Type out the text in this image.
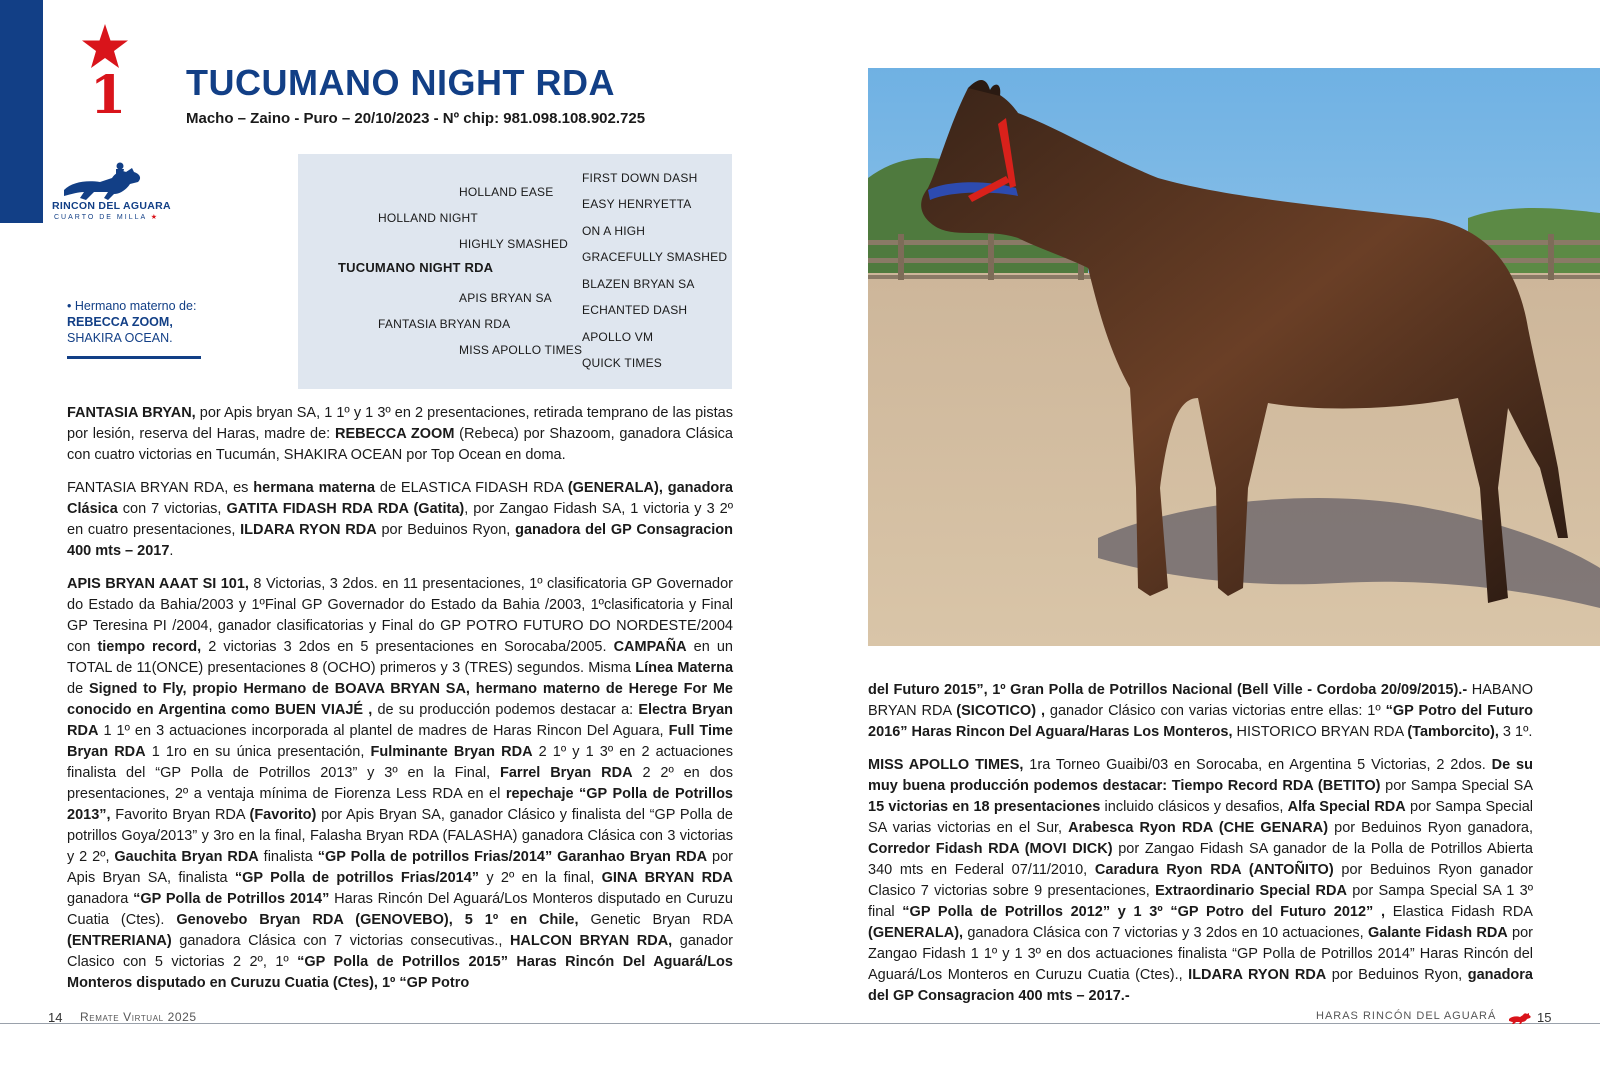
1 TUCUMANO NIGHT RDA

Macho – Zaino - Puro – 20/10/2023 - Nº chip: 981.098.108.902.725

RINCON DEL AGUARA
CUARTO DE MILLA ★
• Hermano materno de:
REBECCA ZOOM,
SHAKIRA OCEAN.
TUCUMANO NIGHT RDA
HOLLAND NIGHT
FANTASIA BRYAN RDA
HOLLAND EASE
HIGHLY SMASHED
APIS BRYAN SA
MISS APOLLO TIMES
FIRST DOWN DASH
EASY HENRYETTA
ON A HIGH
GRACEFULLY SMASHED
BLAZEN BRYAN SA
ECHANTED DASH
APOLLO VM
QUICK TIMES

FANTASIA BRYAN, por Apis bryan SA, 1 1º y 1 3º en 2 presentaciones, retirada temprano de las pistas por lesión, reserva del Haras, madre de: REBECCA ZOOM (Rebeca) por Shazoom, ganadora Clásica con cuatro victorias en Tucumán, SHAKIRA OCEAN por Top Ocean en doma.

FANTASIA BRYAN RDA, es hermana materna de ELASTICA FIDASH RDA (GENERALA), ganadora Clásica con 7 victorias, GATITA FIDASH RDA RDA (Gatita), por Zangao Fidash SA, 1 victoria y 3 2º en cuatro presentaciones, ILDARA RYON RDA por Beduinos Ryon, ganadora del GP Consagracion 400 mts – 2017.

APIS BRYAN AAAT SI 101, 8 Victorias, 3 2dos. en 11 presentaciones, 1º clasificatoria GP Governador do Estado da Bahia/2003 y 1ºFinal GP Governador do Estado da Bahia /2003, 1ºclasificatoria y Final GP Teresina PI /2004, ganador clasificatorias y Final do GP POTRO FUTURO DO NORDESTE/2004 con tiempo record, 2 victorias 3 2dos en 5 presentaciones en Sorocaba/2005. CAMPAÑA en un TOTAL de 11(ONCE) presentaciones 8 (OCHO) primeros y 3 (TRES) segundos. Misma Línea Materna de Signed to Fly, propio Hermano de BOAVA BRYAN SA, hermano materno de Herege For Me conocido en Argentina como BUEN VIAJÉ , de su producción podemos destacar a: Electra Bryan RDA 1 1º en 3 actuaciones incorporada al plantel de madres de Haras Rincon Del Aguara, Full Time Bryan RDA 1 1ro en su única presentación, Fulminante Bryan RDA 2 1º y 1 3º en 2 actuaciones finalista del “GP Polla de Potrillos 2013” y 3º en la Final, Farrel Bryan RDA 2 2º en dos presentaciones, 2º a ventaja mínima de Fiorenza Less RDA en el repechaje “GP Polla de Potrillos 2013”, Favorito Bryan RDA (Favorito) por Apis Bryan SA, ganador Clásico y finalista del “GP Polla de potrillos Goya/2013” y 3ro en la final, Falasha Bryan RDA (FALASHA) ganadora Clásica con 3 victorias y 2 2º, Gauchita Bryan RDA finalista “GP Polla de potrillos Frias/2014” Garanhao Bryan RDA por Apis Bryan SA, finalista “GP Polla de potrillos Frias/2014” y 2º en la final, GINA BRYAN RDA ganadora “GP Polla de Potrillos 2014” Haras Rincón Del Aguará/Los Monteros disputado en Curuzu Cuatia (Ctes). Genovebo Bryan RDA (GENOVEBO), 5 1º en Chile, Genetic Bryan RDA (ENTRERIANA) ganadora Clásica con 7 victorias consecutivas., HALCON BRYAN RDA, ganador Clasico con 5 victorias 2 2º, 1º “GP Polla de Potrillos 2015” Haras Rincón Del Aguará/Los Monteros disputado en Curuzu Cuatia (Ctes), 1º “GP Potro

del Futuro 2015”, 1º Gran Polla de Potrillos Nacional (Bell Ville - Cordoba 20/09/2015).- HABANO BRYAN RDA (SICOTICO) , ganador Clásico con varias victorias entre ellas: 1º “GP Potro del Futuro 2016” Haras Rincon Del Aguara/Haras Los Monteros, HISTORICO BRYAN RDA (Tamborcito), 3 1º.

MISS APOLLO TIMES, 1ra Torneo Guaibi/03 en Sorocaba, en Argentina 5 Victorias, 2 2dos. De su muy buena producción podemos destacar: Tiempo Record RDA (BETITO) por Sampa Special SA 15 victorias en 18 presentaciones incluido clásicos y desafios, Alfa Special RDA por Sampa Special SA varias victorias en el Sur, Arabesca Ryon RDA (CHE GENARA) por Beduinos Ryon ganadora, Corredor Fidash RDA (MOVI DICK) por Zangao Fidash SA ganador de la Polla de Potrillos Abierta 340 mts en Federal 07/11/2010, Caradura Ryon RDA (ANTOÑITO) por Beduinos Ryon ganador Clasico 7 victorias sobre 9 presentaciones, Extraordinario Special RDA por Sampa Special SA 1 3º final “GP Polla de Potrillos 2012” y 1 3º “GP Potro del Futuro 2012” , Elastica Fidash RDA (GENERALA), ganadora Clásica con 7 victorias y 3 2dos en 10 actuaciones, Galante Fidash RDA por Zangao Fidash 1 1º y 1 3º en dos actuaciones finalista “GP Polla de Potrillos 2014” Haras Rincón del Aguará/Los Monteros en Curuzu Cuatia (Ctes)., ILDARA RYON RDA por Beduinos Ryon, ganadora del GP Consagracion 400 mts – 2017.-

14 Remate Virtual 2025	HARAS RINCÓN DEL AGUARÁ	15
